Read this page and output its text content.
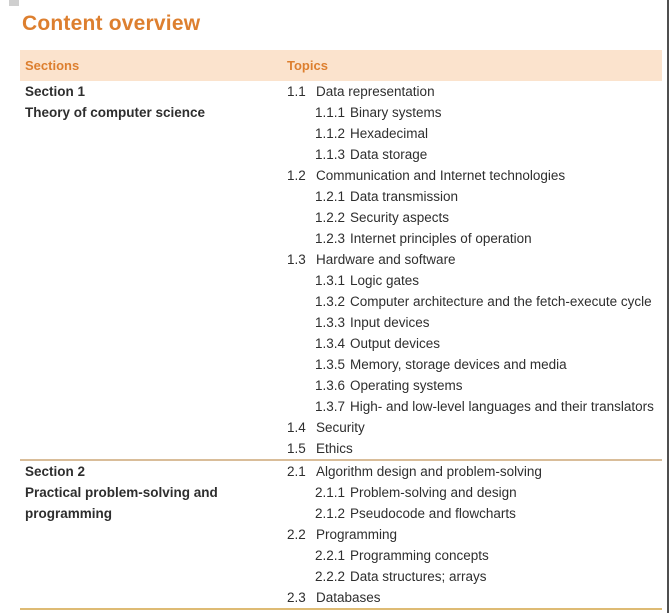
Content overview
Sections	Topics
Section 1
Theory of computer science
1.1 Data representation
1.1.1 Binary systems
1.1.2 Hexadecimal
1.1.3 Data storage
1.2 Communication and Internet technologies
1.2.1 Data transmission
1.2.2 Security aspects
1.2.3 Internet principles of operation
1.3 Hardware and software
1.3.1 Logic gates
1.3.2 Computer architecture and the fetch-execute cycle
1.3.3 Input devices
1.3.4 Output devices
1.3.5 Memory, storage devices and media
1.3.6 Operating systems
1.3.7 High- and low-level languages and their translators
1.4 Security
1.5 Ethics
Section 2
Practical problem-solving and programming
2.1 Algorithm design and problem-solving
2.1.1 Problem-solving and design
2.1.2 Pseudocode and flowcharts
2.2 Programming
2.2.1 Programming concepts
2.2.2 Data structures; arrays
2.3 Databases
